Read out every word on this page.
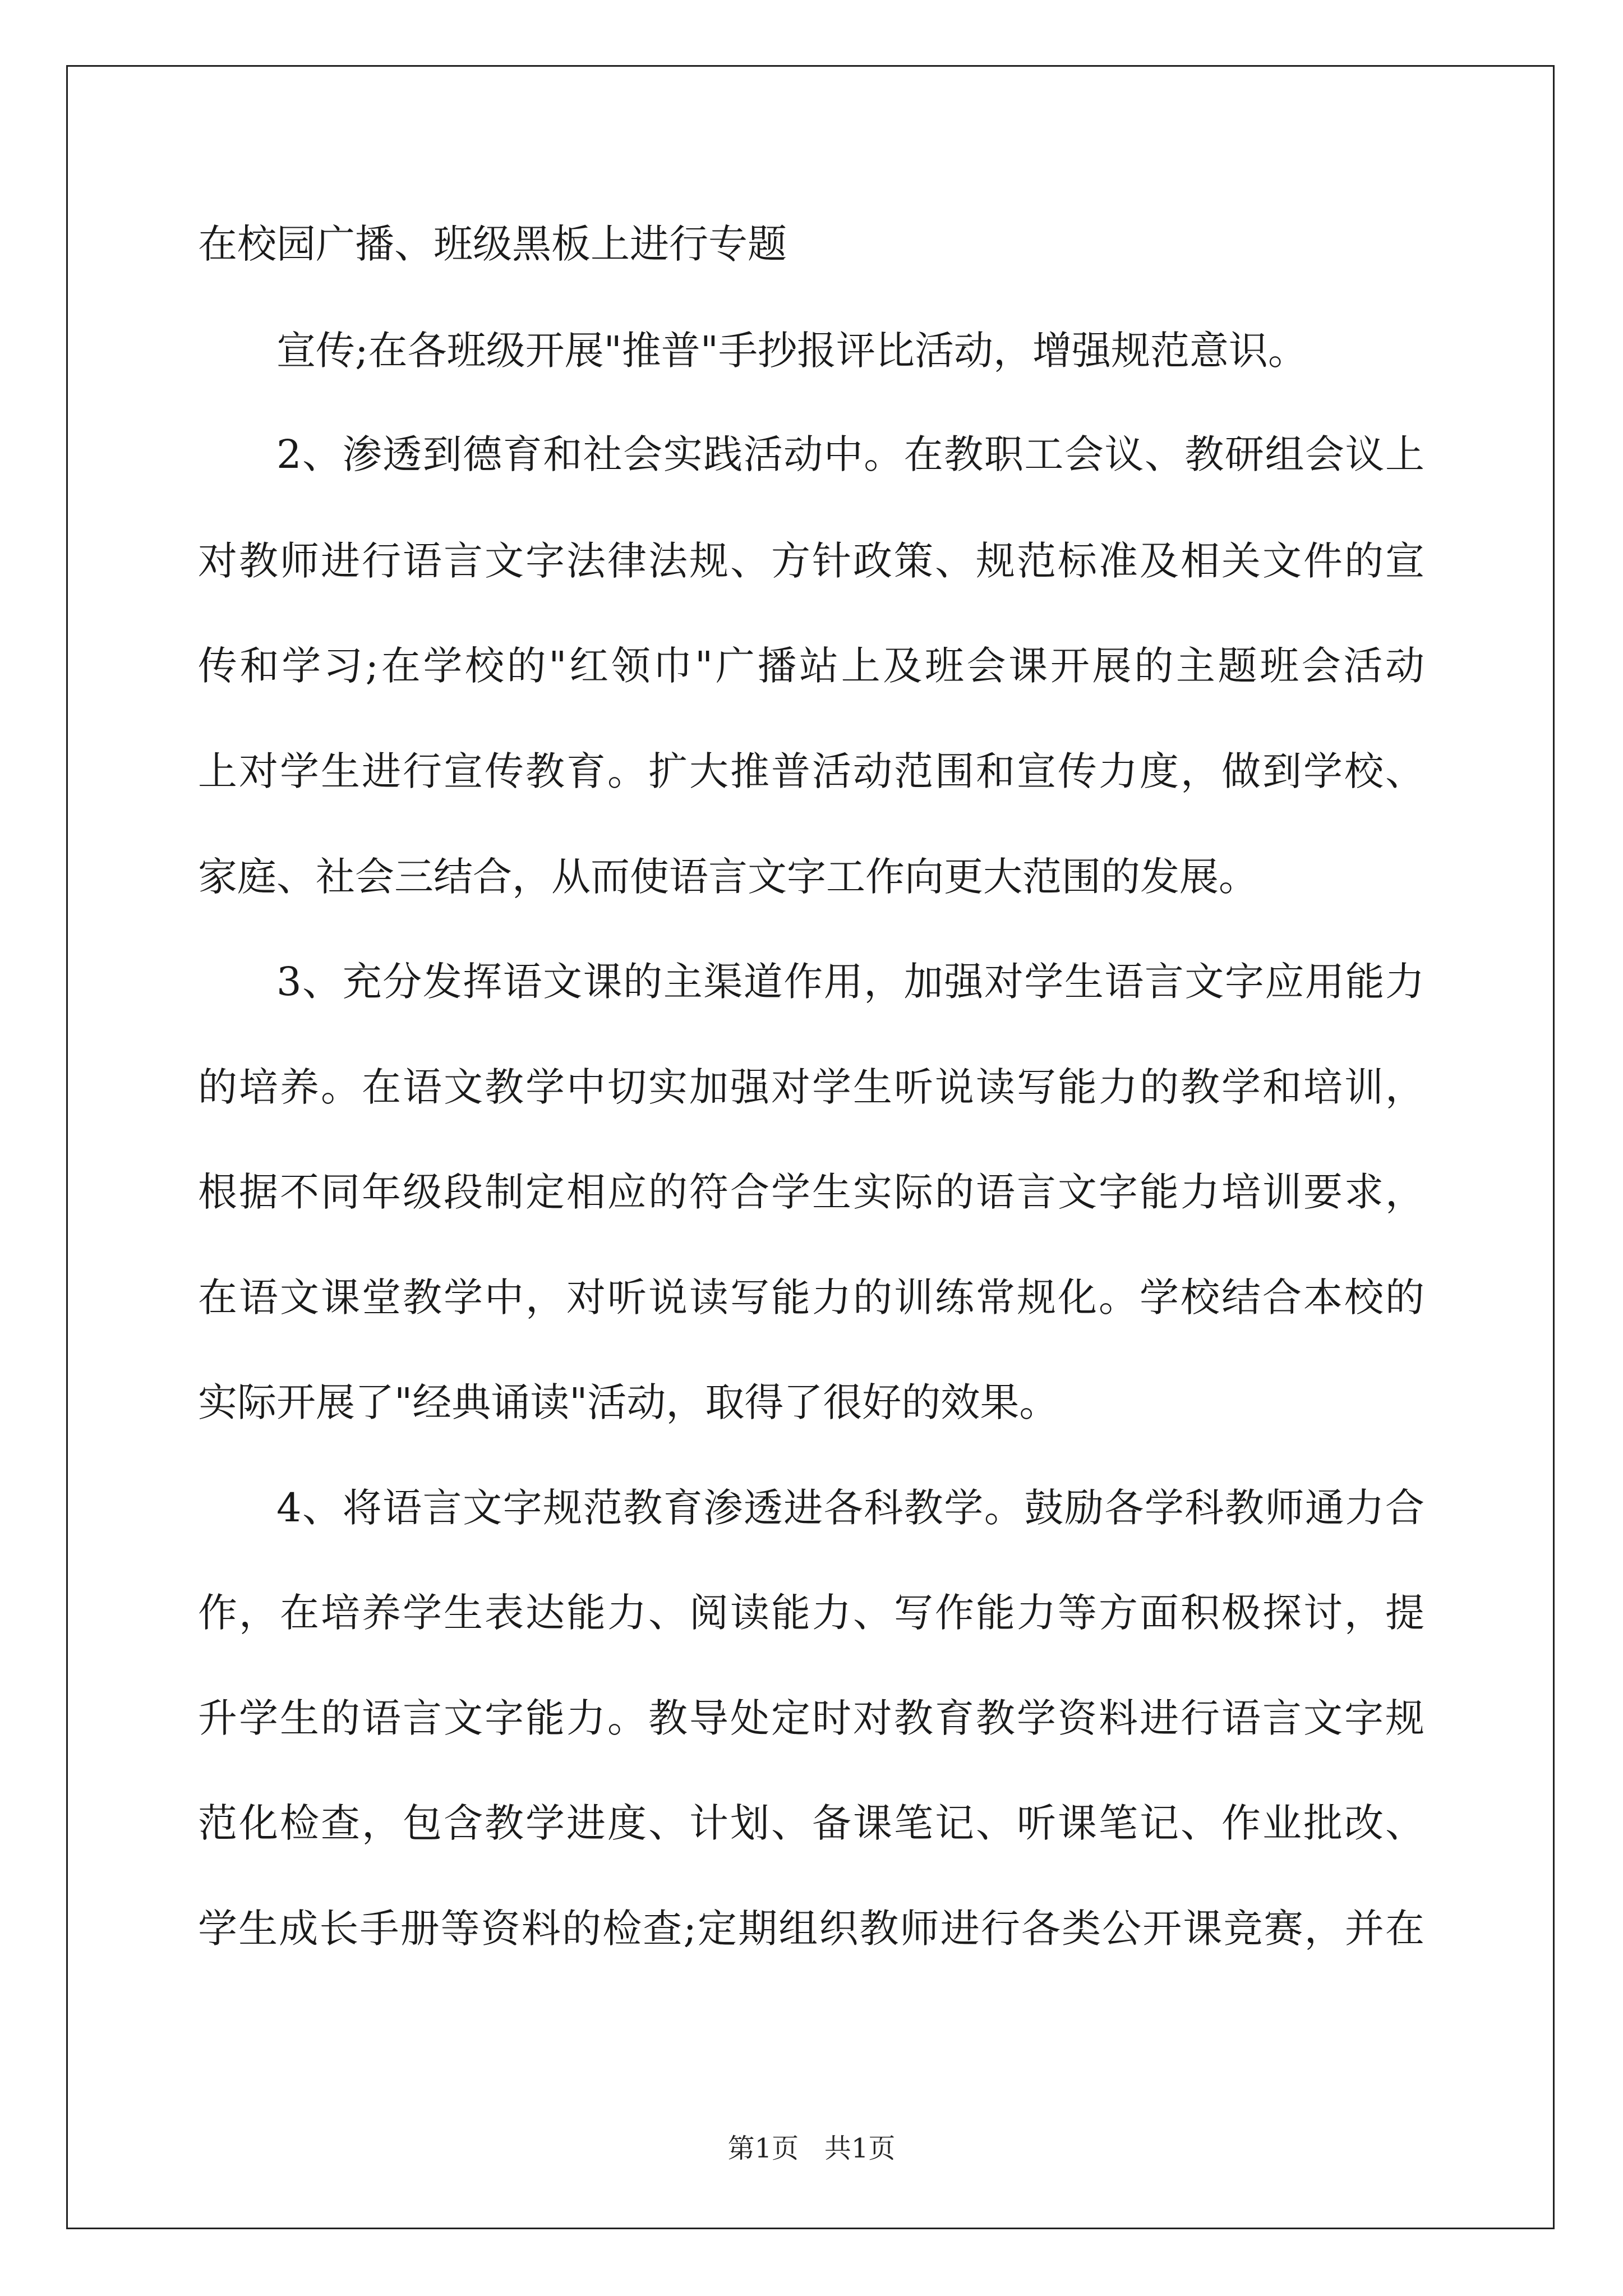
在校园广播、班级黑板上进行专题
宣传;在各班级开展"推普"手抄报评比活动，增强规范意识。
2、渗透到德育和社会实践活动中。在教职工会议、教研组会议上
对教师进行语言文字法律法规、方针政策、规范标准及相关文件的宣
传和学习;在学校的"红领巾"广播站上及班会课开展的主题班会活动
上对学生进行宣传教育。扩大推普活动范围和宣传力度，做到学校、
家庭、社会三结合，从而使语言文字工作向更大范围的发展。
3、充分发挥语文课的主渠道作用，加强对学生语言文字应用能力
的培养。在语文教学中切实加强对学生听说读写能力的教学和培训，
根据不同年级段制定相应的符合学生实际的语言文字能力培训要求，
在语文课堂教学中，对听说读写能力的训练常规化。学校结合本校的
实际开展了"经典诵读"活动，取得了很好的效果。
4、将语言文字规范教育渗透进各科教学。鼓励各学科教师通力合
作，在培养学生表达能力、阅读能力、写作能力等方面积极探讨，提
升学生的语言文字能力。教导处定时对教育教学资料进行语言文字规
范化检查，包含教学进度、计划、备课笔记、听课笔记、作业批改、
学生成长手册等资料的检查;定期组织教师进行各类公开课竞赛，并在
第1页 共1页
